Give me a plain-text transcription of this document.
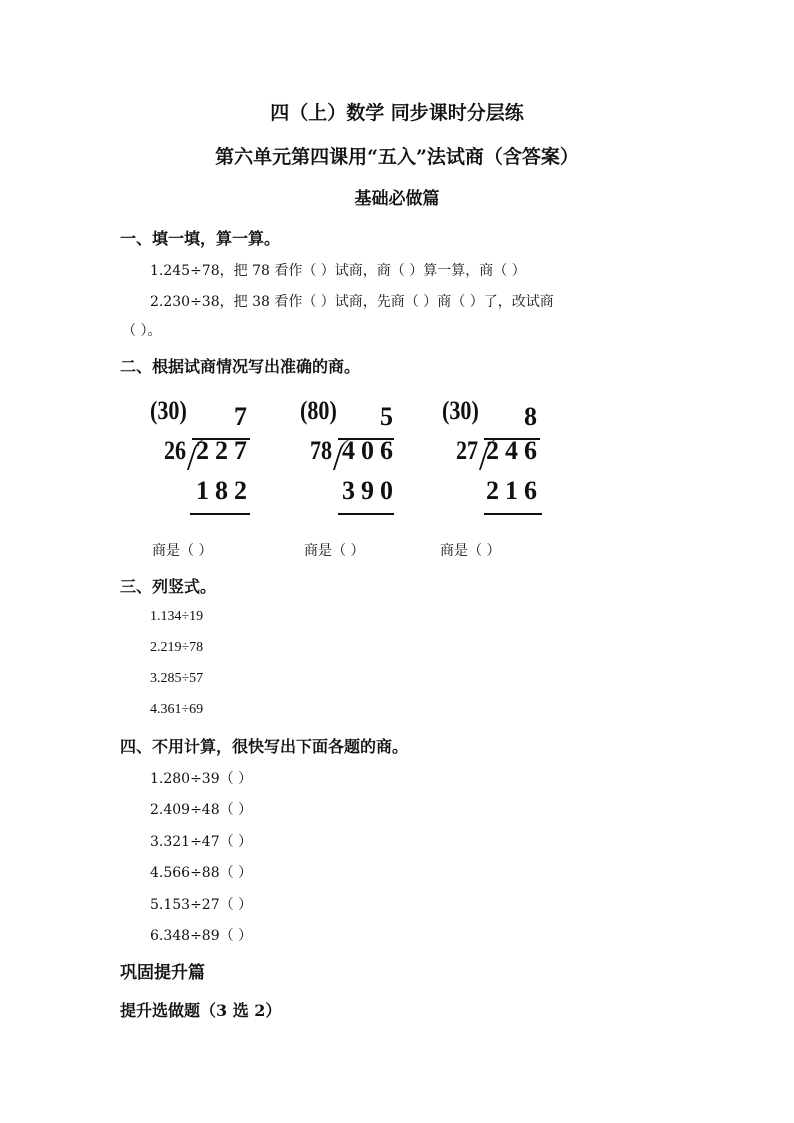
四（上）数学 同步课时分层练
第六单元第四课用“五入”法试商（含答案）
基础必做篇
一、填一填，算一算。
1.245÷78，把 78 看作（ ）试商，商（ ）算一算，商（ ）
2.230÷38，把 38 看作（ ）试商，先商（ ）商（ ）了，改试商
（ ）。
二、根据试商情况写出准确的商。
(30) 7
26 227
182
(80) 5
78 406
390
(30) 8
27 246
216
商是（ ）	商是（ ）	商是（ ）
三、列竖式。
1.134÷19
2.219÷78
3.285÷57
4.361÷69
四、不用计算，很快写出下面各题的商。
1.280÷39（ ）
2.409÷48（ ）
3.321÷47（ ）
4.566÷88（ ）
5.153÷27（ ）
6.348÷89（ ）
巩固提升篇
提升选做题（3 选 2）
